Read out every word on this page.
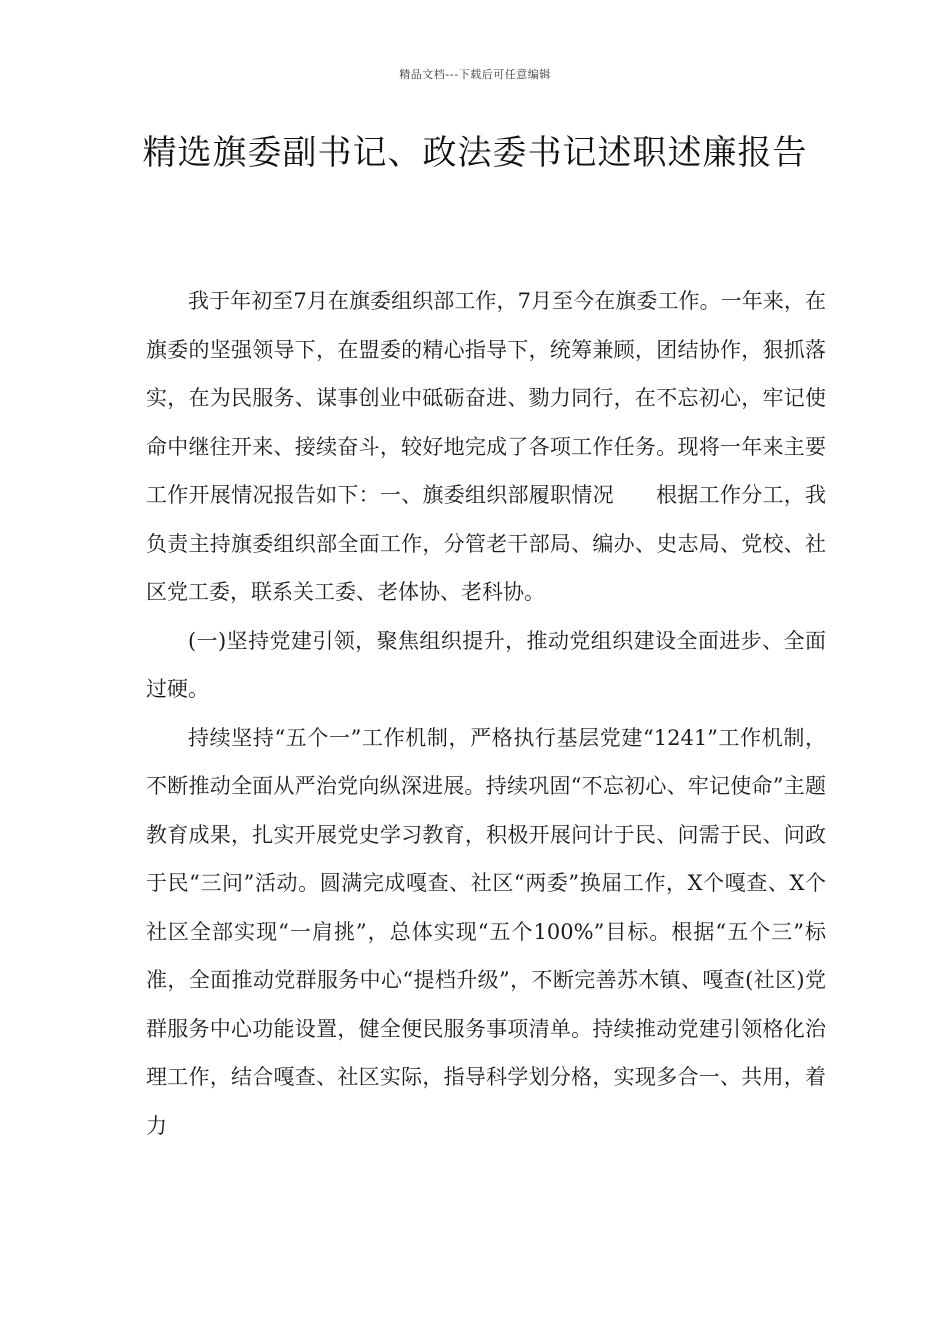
精品文档---下载后可任意编辑
精选旗委副书记、政法委书记述职述廉报告

我于年初至7月在旗委组织部工作，7月至今在旗委工作。一年来，在旗委的坚强领导下，在盟委的精心指导下，统筹兼顾，团结协作，狠抓落实，在为民服务、谋事创业中砥砺奋进、勠力同行，在不忘初心，牢记使命中继往开来、接续奋斗，较好地完成了各项工作任务。现将一年来主要工作开展情况报告如下：一、旗委组织部履职情况 根据工作分工，我负责主持旗委组织部全面工作，分管老干部局、编办、史志局、党校、社区党工委，联系关工委、老体协、老科协。

(一)坚持党建引领，聚焦组织提升，推动党组织建设全面进步、全面过硬。

持续坚持“五个一”工作机制，严格执行基层党建“1241”工作机制，不断推动全面从严治党向纵深进展。持续巩固“不忘初心、牢记使命”主题教育成果，扎实开展党史学习教育，积极开展问计于民、问需于民、问政于民“三问”活动。圆满完成嘎查、社区“两委”换届工作，X个嘎查、X个社区全部实现“一肩挑”，总体实现“五个100%”目标。根据“五个三”标准，全面推动党群服务中心“提档升级”，不断完善苏木镇、嘎查(社区)党群服务中心功能设置，健全便民服务事项清单。持续推动党建引领格化治理工作，结合嘎查、社区实际，指导科学划分格，实现多合一、共用，着力
